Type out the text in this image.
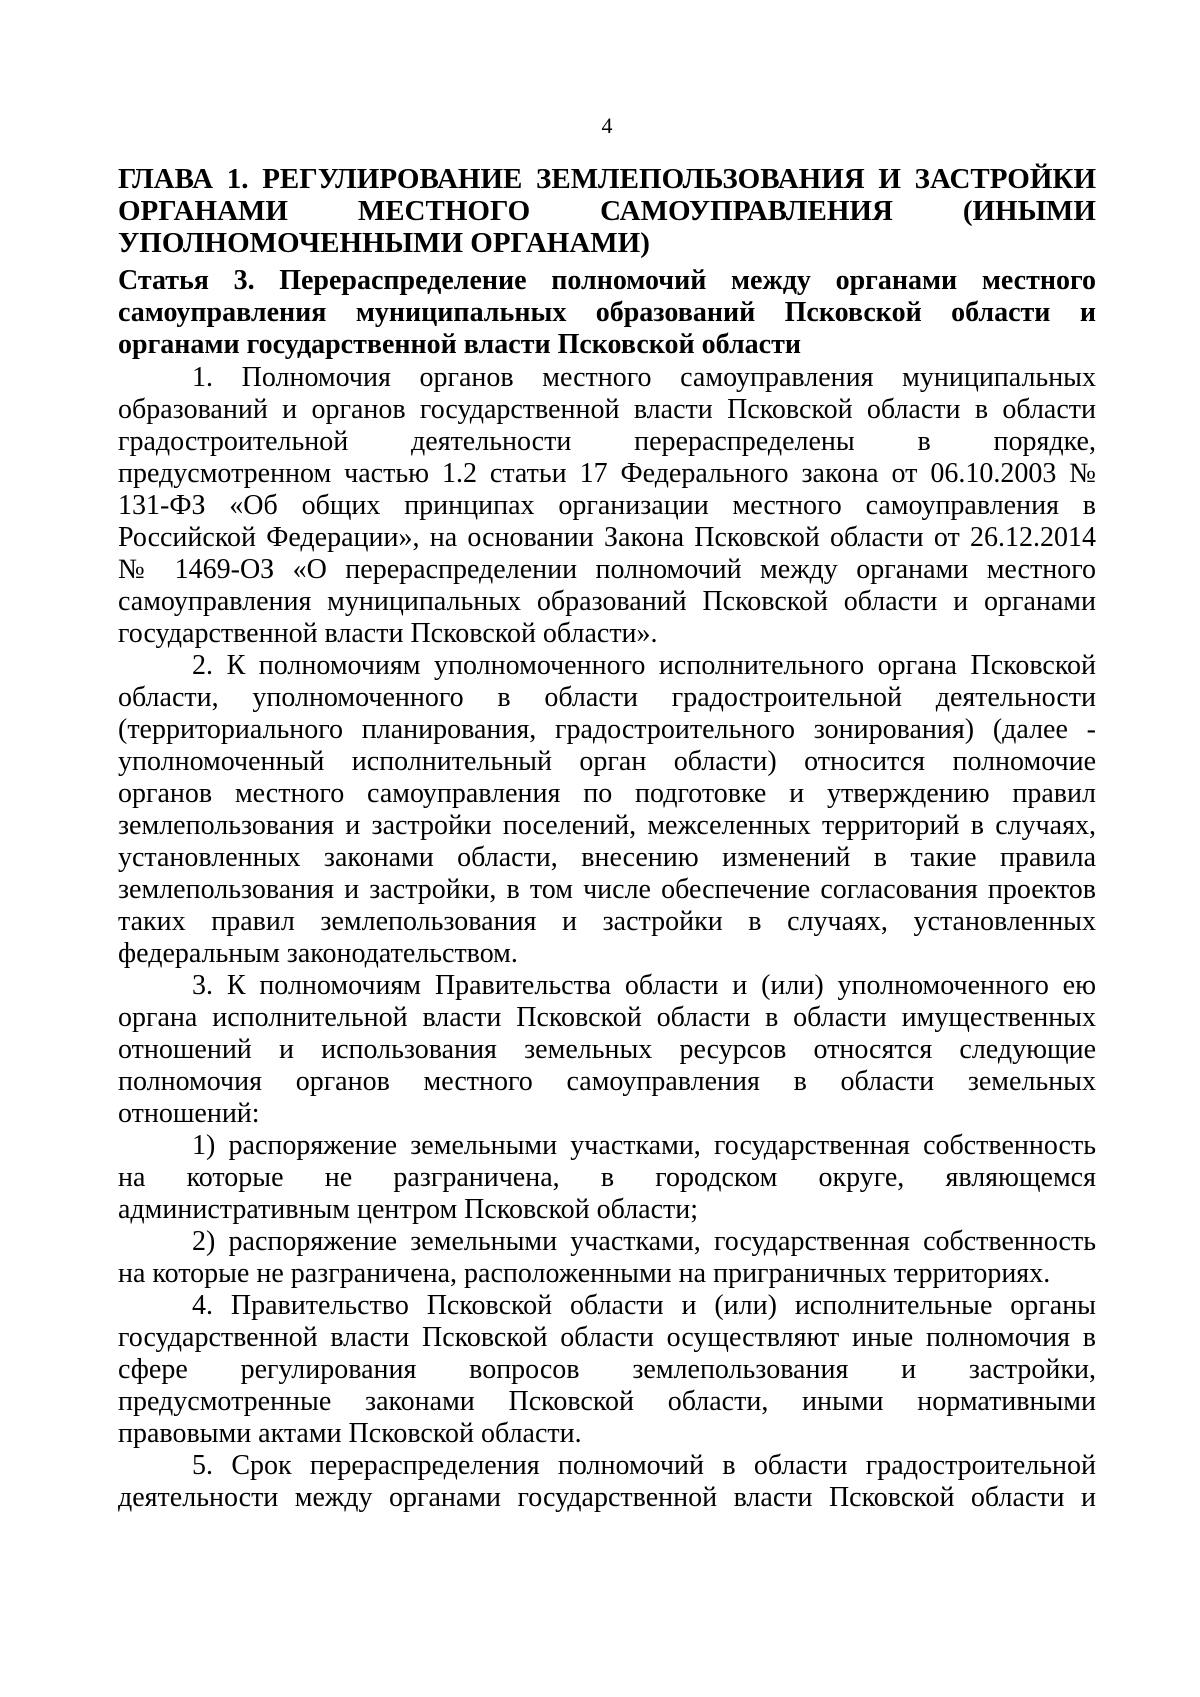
4
ГЛАВА 1. РЕГУЛИРОВАНИЕ ЗЕМЛЕПОЛЬЗОВАНИЯ И ЗАСТРОЙКИ
ОРГАНАМИ МЕСТНОГО САМОУПРАВЛЕНИЯ (ИНЫМИ
УПОЛНОМОЧЕННЫМИ ОРГАНАМИ)
Статья 3. Перераспределение полномочий между органами местного
самоуправления муниципальных образований Псковской области и
органами государственной власти Псковской области
1. Полномочия органов местного самоуправления муниципальных
образований и органов государственной власти Псковской области в области
градостроительной деятельности перераспределены в порядке,
предусмотренном частью 1.2 статьи 17 Федерального закона от 06.10.2003 №
131-ФЗ «Об общих принципах организации местного самоуправления в
Российской Федерации», на основании Закона Псковской области от 26.12.2014
№ 1469-ОЗ «О перераспределении полномочий между органами местного
самоуправления муниципальных образований Псковской области и органами
государственной власти Псковской области».
2. К полномочиям уполномоченного исполнительного органа Псковской
области, уполномоченного в области градостроительной деятельности
(территориального планирования, градостроительного зонирования) (далее -
уполномоченный исполнительный орган области) относится полномочие
органов местного самоуправления по подготовке и утверждению правил
землепользования и застройки поселений, межселенных территорий в случаях,
установленных законами области, внесению изменений в такие правила
землепользования и застройки, в том числе обеспечение согласования проектов
таких правил землепользования и застройки в случаях, установленных
федеральным законодательством.
3. К полномочиям Правительства области и (или) уполномоченного ею
органа исполнительной власти Псковской области в области имущественных
отношений и использования земельных ресурсов относятся следующие
полномочия органов местного самоуправления в области земельных
отношений:
1) распоряжение земельными участками, государственная собственность
на которые не разграничена, в городском округе, являющемся
административным центром Псковской области;
2) распоряжение земельными участками, государственная собственность
на которые не разграничена, расположенными на приграничных территориях.
4. Правительство Псковской области и (или) исполнительные органы
государственной власти Псковской области осуществляют иные полномочия в
сфере регулирования вопросов землепользования и застройки,
предусмотренные законами Псковской области, иными нормативными
правовыми актами Псковской области.
5. Срок перераспределения полномочий в области градостроительной
деятельности между органами государственной власти Псковской области и
